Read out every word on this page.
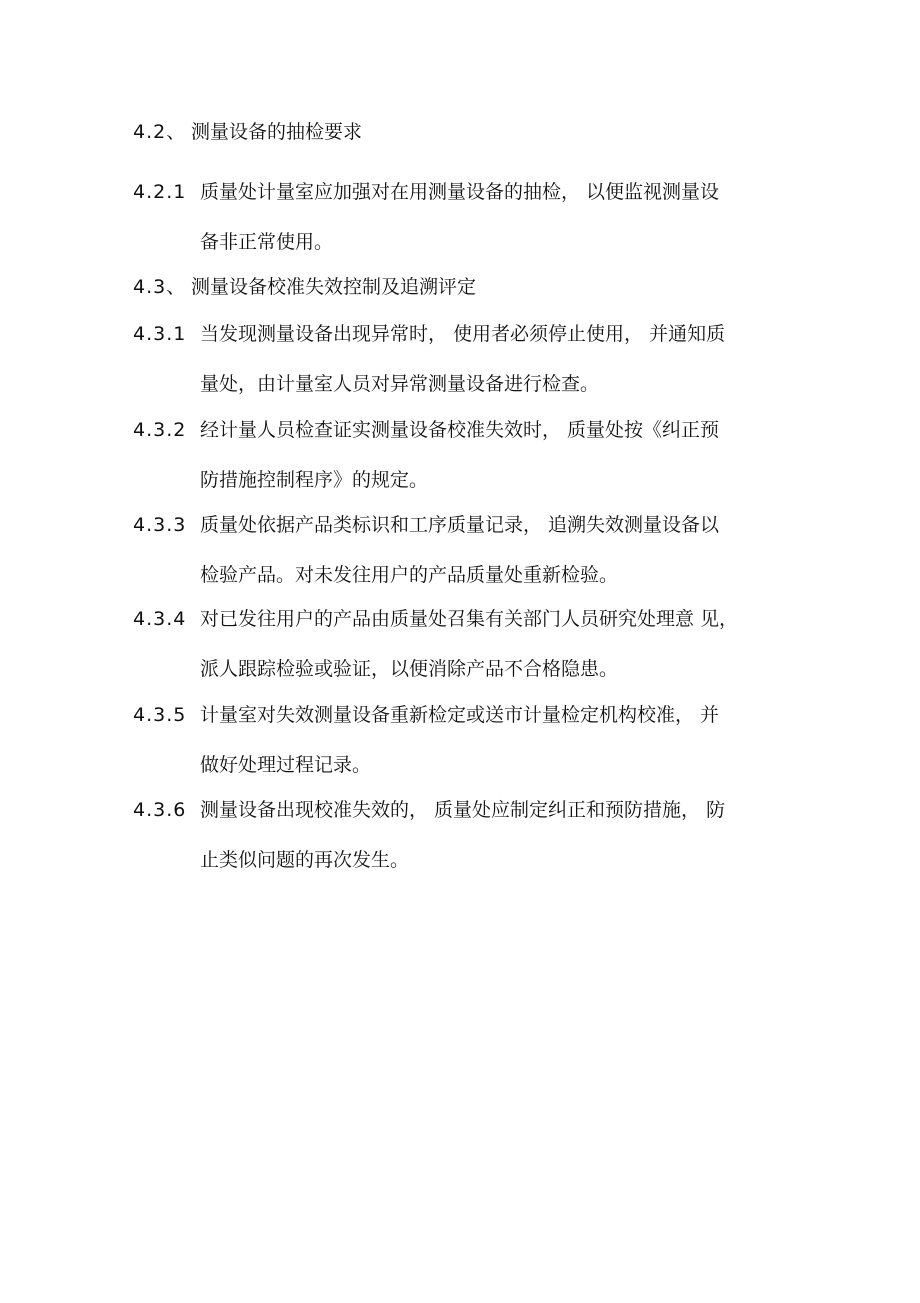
4.2、 测量设备的抽检要求
4.2.1 质量处计量室应加强对在用测量设备的抽检， 以便监视测量设
备非正常使用。
4.3、 测量设备校准失效控制及追溯评定
4.3.1 当发现测量设备出现异常时， 使用者必须停止使用， 并通知质
量处，由计量室人员对异常测量设备进行检查。
4.3.2 经计量人员检查证实测量设备校准失效时， 质量处按《纠正预
防措施控制程序》的规定。
4.3.3 质量处依据产品类标识和工序质量记录， 追溯失效测量设备以
检验产品。对未发往用户的产品质量处重新检验。
4.3.4 对已发往用户的产品由质量处召集有关部门人员研究处理意 见，
派人跟踪检验或验证，以便消除产品不合格隐患。
4.3.5 计量室对失效测量设备重新检定或送市计量检定机构校准， 并
做好处理过程记录。
4.3.6 测量设备出现校准失效的， 质量处应制定纠正和预防措施， 防
止类似问题的再次发生。
